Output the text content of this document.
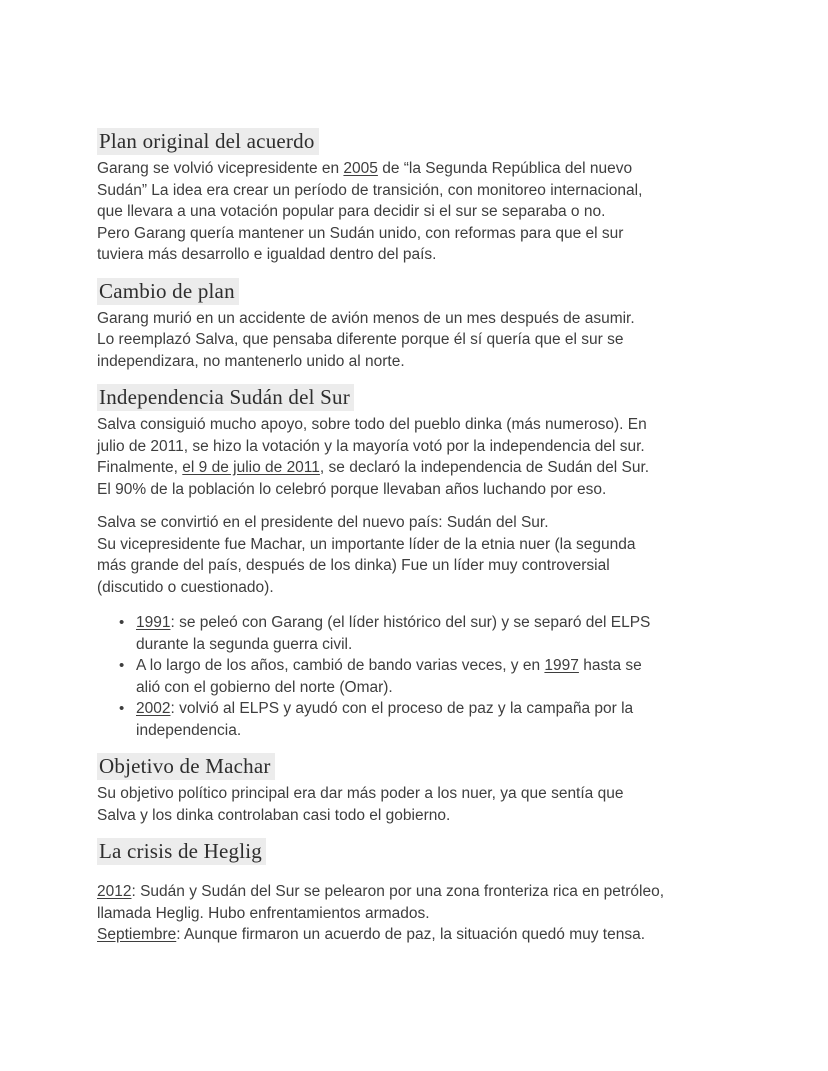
Plan original del acuerdo
Garang se volvió vicepresidente en 2005 de “la Segunda República del nuevo
Sudán” La idea era crear un período de transición, con monitoreo internacional,
que llevara a una votación popular para decidir si el sur se separaba o no.
Pero Garang quería mantener un Sudán unido, con reformas para que el sur
tuviera más desarrollo e igualdad dentro del país.
Cambio de plan
Garang murió en un accidente de avión menos de un mes después de asumir.
Lo reemplazó Salva, que pensaba diferente porque él sí quería que el sur se
independizara, no mantenerlo unido al norte.
Independencia Sudán del Sur
Salva consiguió mucho apoyo, sobre todo del pueblo dinka (más numeroso). En
julio de 2011, se hizo la votación y la mayoría votó por la independencia del sur.
Finalmente, el 9 de julio de 2011, se declaró la independencia de Sudán del Sur.
El 90% de la población lo celebró porque llevaban años luchando por eso.
Salva se convirtió en el presidente del nuevo país: Sudán del Sur.
Su vicepresidente fue Machar, un importante líder de la etnia nuer (la segunda
más grande del país, después de los dinka) Fue un líder muy controversial
(discutido o cuestionado).
• 1991: se peleó con Garang (el líder histórico del sur) y se separó del ELPS
durante la segunda guerra civil.
• A lo largo de los años, cambió de bando varias veces, y en 1997 hasta se
alió con el gobierno del norte (Omar).
• 2002: volvió al ELPS y ayudó con el proceso de paz y la campaña por la
independencia.
Objetivo de Machar
Su objetivo político principal era dar más poder a los nuer, ya que sentía que
Salva y los dinka controlaban casi todo el gobierno.
La crisis de Heglig
2012: Sudán y Sudán del Sur se pelearon por una zona fronteriza rica en petróleo,
llamada Heglig. Hubo enfrentamientos armados.
Septiembre: Aunque firmaron un acuerdo de paz, la situación quedó muy tensa.
